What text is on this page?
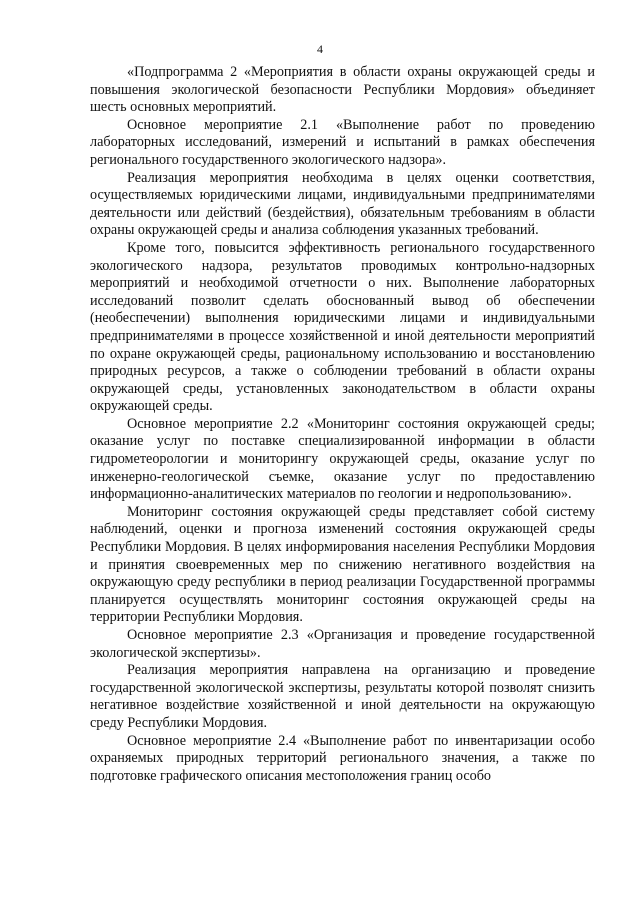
4

«Подпрограмма 2 «Мероприятия в области охраны окружающей среды и повышения экологической безопасности Республики Мордовия» объединяет шесть основных мероприятий.

Основное мероприятие 2.1 «Выполнение работ по проведению лабораторных исследований, измерений и испытаний в рамках обеспечения регионального государственного экологического надзора».

Реализация мероприятия необходима в целях оценки соответствия, осуществляемых юридическими лицами, индивидуальными предпринимателями деятельности или действий (бездействия), обязательным требованиям в области охраны окружающей среды и анализа соблюдения указанных требований.

Кроме того, повысится эффективность регионального государственного экологического надзора, результатов проводимых контрольно-надзорных мероприятий и необходимой отчетности о них. Выполнение лабораторных исследований позволит сделать обоснованный вывод об обеспечении (необеспечении) выполнения юридическими лицами и индивидуальными предпринимателями в процессе хозяйственной и иной деятельности мероприятий по охране окружающей среды, рациональному использованию и восстановлению природных ресурсов, а также о соблюдении требований в области охраны окружающей среды, установленных законодательством в области охраны окружающей среды.

Основное мероприятие 2.2 «Мониторинг состояния окружающей среды; оказание услуг по поставке специализированной информации в области гидрометеорологии и мониторингу окружающей среды, оказание услуг по инженерно-геологической съемке, оказание услуг по предоставлению информационно-аналитических материалов по геологии и недропользованию».

Мониторинг состояния окружающей среды представляет собой систему наблюдений, оценки и прогноза изменений состояния окружающей среды Республики Мордовия. В целях информирования населения Республики Мордовия и принятия своевременных мер по снижению негативного воздействия на окружающую среду республики в период реализации Государственной программы планируется осуществлять мониторинг состояния окружающей среды на территории Республики Мордовия.

Основное мероприятие 2.3 «Организация и проведение государственной экологической экспертизы».

Реализация мероприятия направлена на организацию и проведение государственной экологической экспертизы, результаты которой позволят снизить негативное воздействие хозяйственной и иной деятельности на окружающую среду Республики Мордовия.

Основное мероприятие 2.4 «Выполнение работ по инвентаризации особо охраняемых природных территорий регионального значения, а также по подготовке графического описания местоположения границ особо
